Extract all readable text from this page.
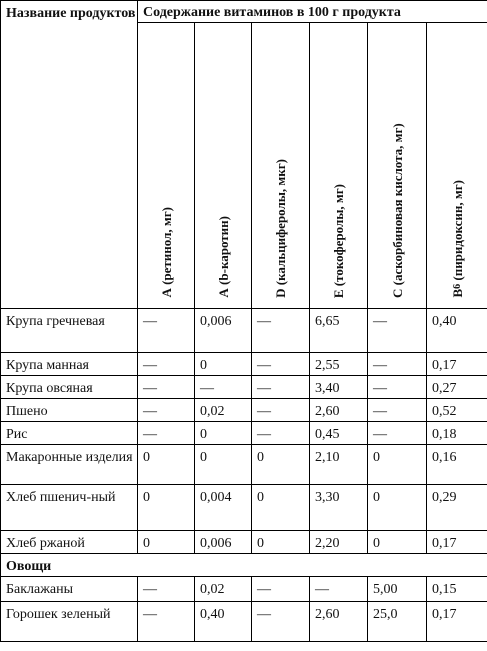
Название продуктов	Содержание витаминов в 100 г продукта					

	А (ретинол, мг)	А (b-каротин)	D (кальциферолы, мкг)	Е (токоферолы, мг)	С (аскорбиновая кислота, мг)	В6 (пиридоксин, мг)

Крупа гречневая	—	0,006	—	6,65	—	0,40
Крупа манная	—	0	—	2,55	—	0,17
Крупа овсяная	—	—	—	3,40	—	0,27
Пшено	—	0,02	—	2,60	—	0,52
Рис	—	0	—	0,45	—	0,18
Макаронные изделия	0	0	0	2,10	0	0,16
Хлеб пшенич-ный	0	0,004	0	3,30	0	0,29
Хлеб ржаной	0	0,006	0	2,20	0	0,17
Овощи						
Баклажаны	—	0,02	—	—	5,00	0,15
Горошек зеленый	—	0,40	—	2,60	25,0	0,17
